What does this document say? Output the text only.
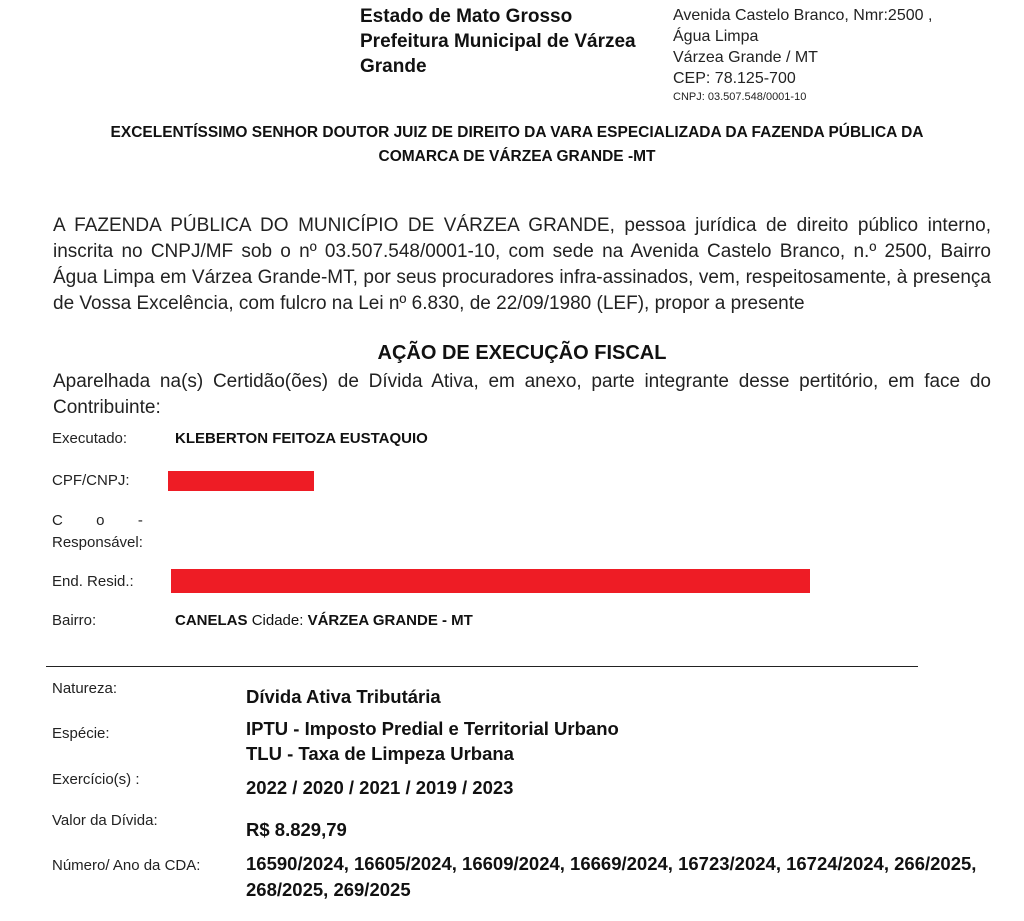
Estado de Mato Grosso
Prefeitura Municipal de Várzea
Grande
Avenida Castelo Branco, Nmr:2500 ,
Água Limpa
Várzea Grande / MT
CEP: 78.125-700
CNPJ: 03.507.548/0001-10
EXCELENTÍSSIMO SENHOR DOUTOR JUIZ DE DIREITO DA VARA ESPECIALIZADA DA FAZENDA PÚBLICA DA
COMARCA DE VÁRZEA GRANDE -MT
A FAZENDA PÚBLICA DO MUNICÍPIO DE VÁRZEA GRANDE, pessoa jurídica de direito público interno, inscrita no CNPJ/MF sob o nº 03.507.548/0001-10, com sede na Avenida Castelo Branco, n.º 2500, Bairro Água Limpa em Várzea Grande-MT, por seus procuradores infra-assinados, vem, respeitosamente, à presença de Vossa Excelência, com fulcro na Lei nº 6.830, de 22/09/1980 (LEF), propor a presente
AÇÃO DE EXECUÇÃO FISCAL
Aparelhada na(s) Certidão(ões) de Dívida Ativa, em anexo, parte integrante desse pertitório, em face do Contribuinte:
Executado:	KLEBERTON FEITOZA EUSTAQUIO
CPF/CNPJ:
C        o        -
Responsável:
End. Resid.:
Bairro:	CANELAS Cidade: VÁRZEA GRANDE - MT
Natureza:	Dívida Ativa Tributária
Espécie:	IPTU - Imposto Predial e Territorial Urbano
TLU - Taxa de Limpeza Urbana
Exercício(s) :	2022 / 2020 / 2021 / 2019 / 2023
Valor da Dívida:	R$ 8.829,79
Número/ Ano da CDA: 16590/2024, 16605/2024, 16609/2024, 16669/2024, 16723/2024, 16724/2024, 266/2025, 268/2025, 269/2025
